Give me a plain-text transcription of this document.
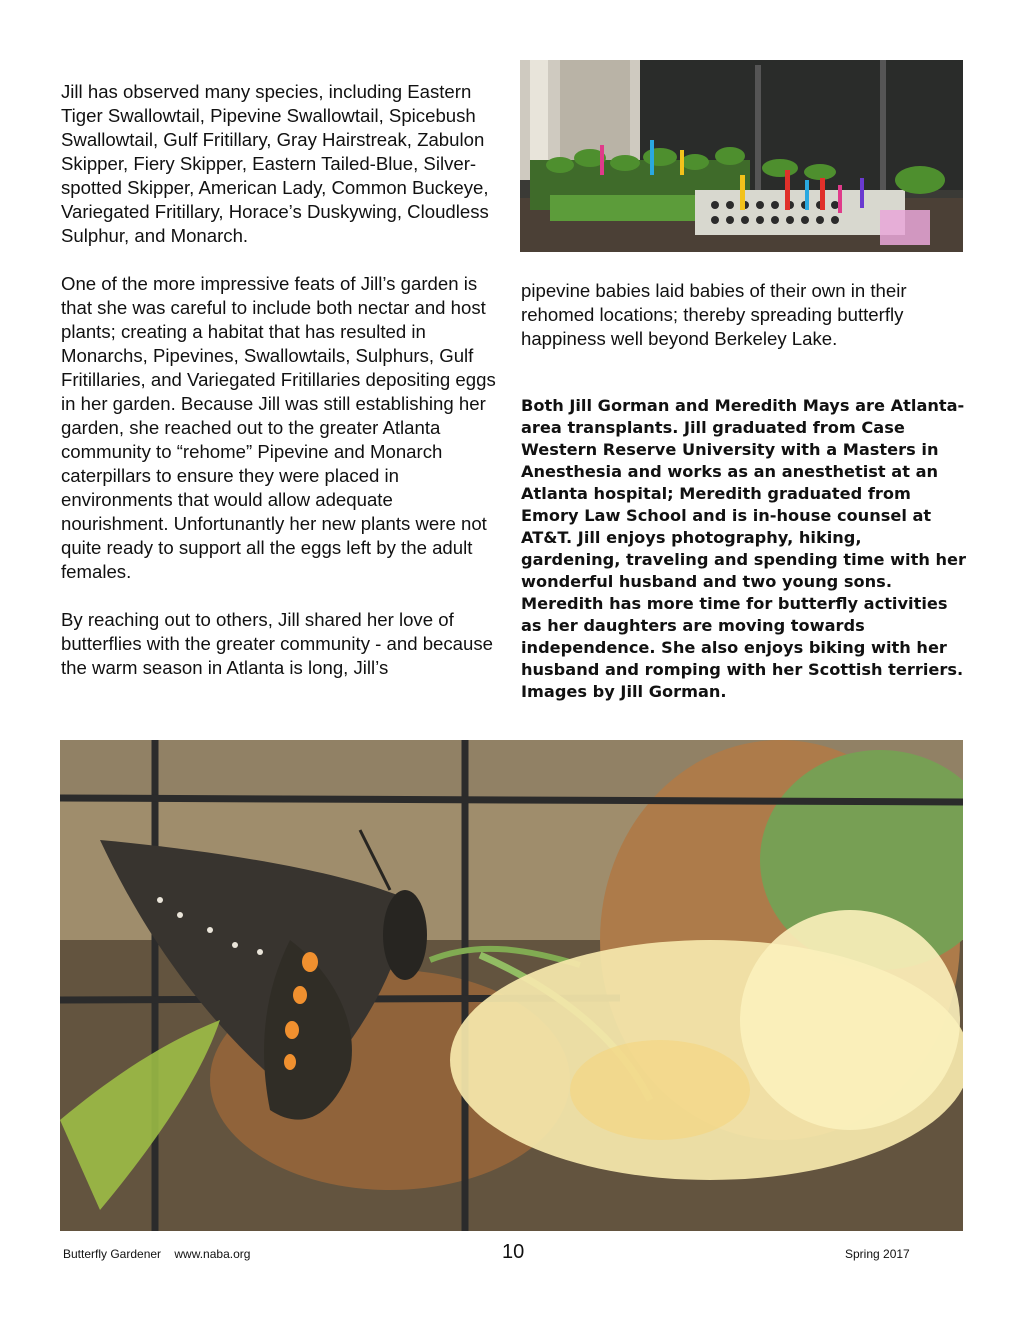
Jill has observed many species, including Eastern Tiger Swallowtail, Pipevine Swallowtail, Spicebush Swallowtail, Gulf Fritillary, Gray Hairstreak, Zabulon Skipper, Fiery Skipper, Eastern Tailed-Blue, Silver-spotted Skipper, American Lady, Common Buckeye, Variegated Fritillary, Horace’s Duskywing, Cloudless Sulphur, and Monarch.

One of the more impressive feats of Jill’s garden is that she was careful to include both nectar and host plants; creating a habitat that has resulted in Monarchs, Pipevines, Swallowtails, Sulphurs, Gulf Fritillaries, and Variegated Fritillaries depositing eggs in her garden. Because Jill was still establishing her garden, she reached out to the greater Atlanta community to “rehome” Pipevine and Monarch caterpillars to ensure they were placed in environments that would allow adequate nourishment. Unfortunantly her new plants were not quite ready to support all the eggs left by the adult females.

By reaching out to others, Jill shared her love of butterflies with the greater community - and because the warm season in Atlanta is long, Jill’s

pipevine babies laid babies of their own in their rehomed locations; thereby spreading butterfly happiness well beyond Berkeley Lake.

Both Jill Gorman and Meredith Mays are Atlanta-area transplants. Jill graduated from Case Western Reserve University with a Masters in Anesthesia and works as an anesthetist at an Atlanta hospital; Meredith graduated from Emory Law School and is in-house counsel at AT&T. Jill enjoys photography, hiking, gardening, traveling and spending time with her wonderful husband and two young sons. Meredith has more time for butterfly activities as her daughters are moving towards independence. She also enjoys biking with her husband and romping with her Scottish terriers. Images by Jill Gorman.
Butterfly Gardener www.naba.org	10	Spring 2017
